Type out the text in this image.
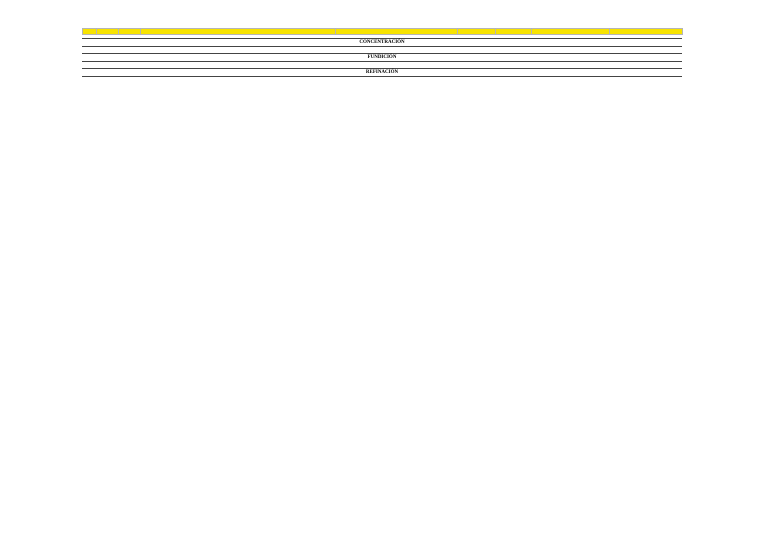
CONCENTRACIÓN
FUNDICIÓN
REFINACIÓN
